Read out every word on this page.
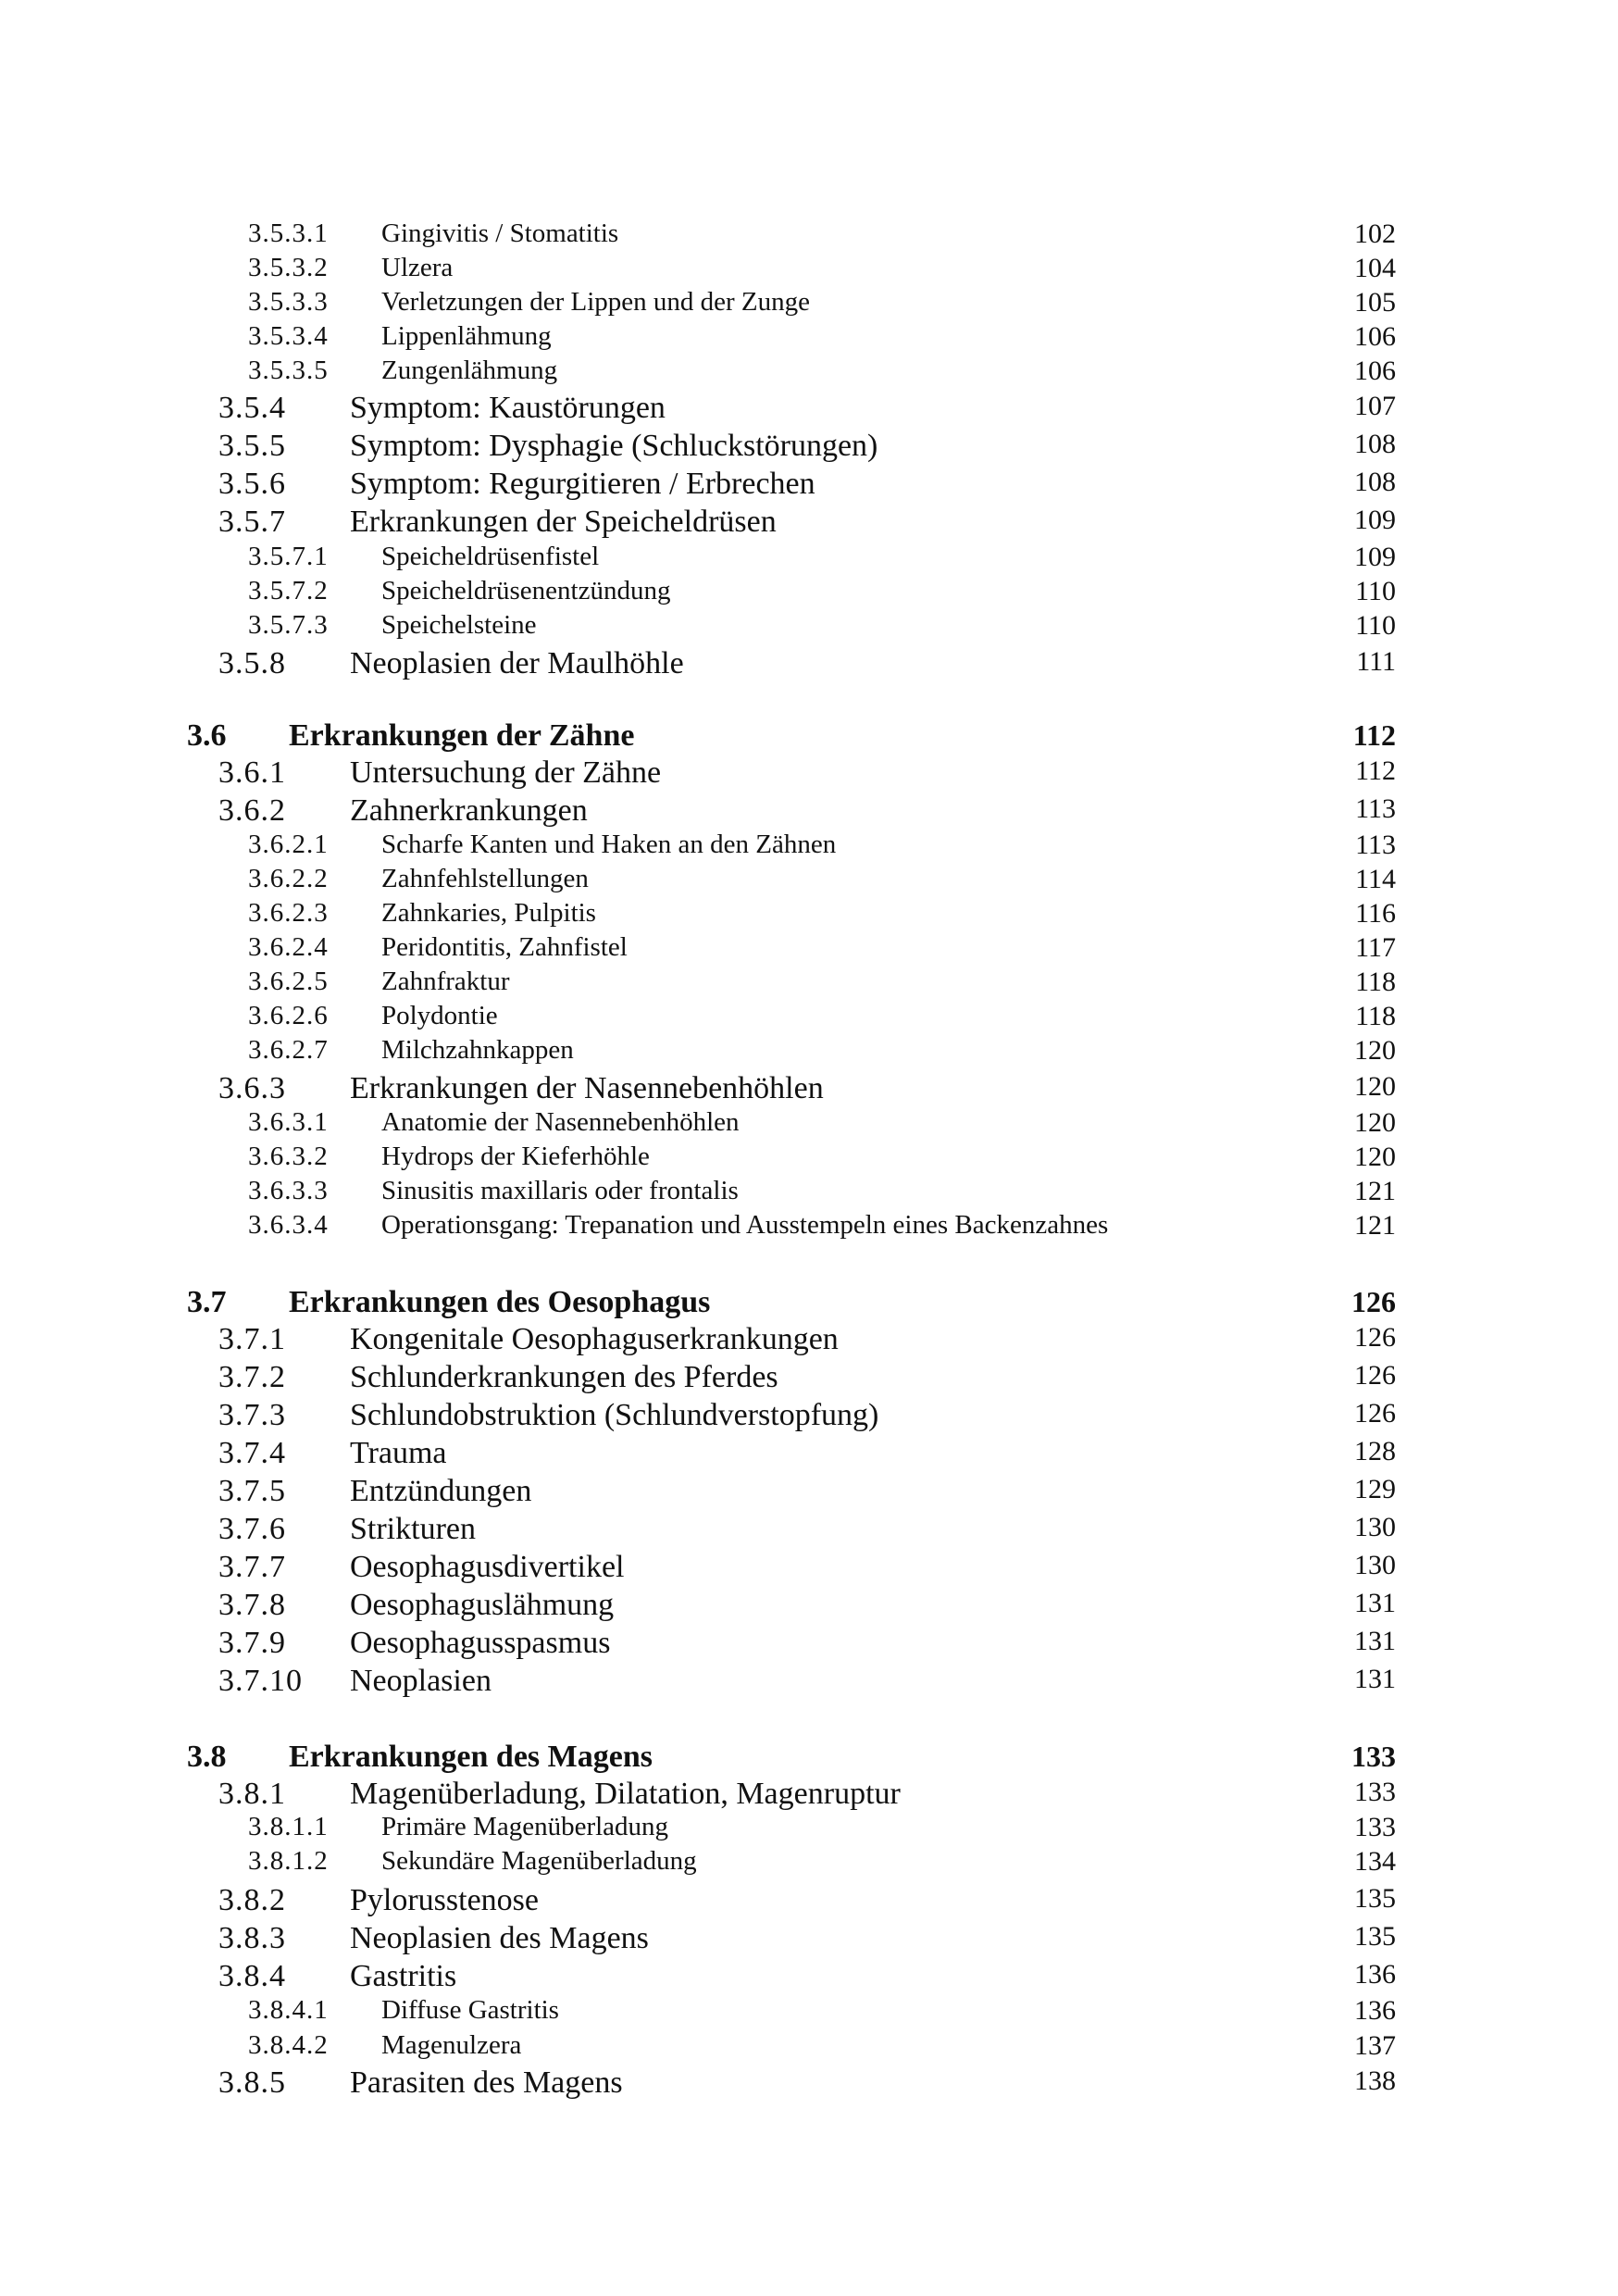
3.5.3.1 Gingivitis / Stomatitis	102
3.5.3.2 Ulzera	104
3.5.3.3 Verletzungen der Lippen und der Zunge	105
3.5.3.4 Lippenlähmung	106
3.5.3.5 Zungenlähmung	106
3.5.4 Symptom: Kaustörungen	107
3.5.5 Symptom: Dysphagie (Schluckstörungen)	108
3.5.6 Symptom: Regurgitieren / Erbrechen	108
3.5.7 Erkrankungen der Speicheldrüsen	109
3.5.7.1 Speicheldrüsenfistel	109
3.5.7.2 Speicheldrüsenentzündung	110
3.5.7.3 Speichelsteine	110
3.5.8 Neoplasien der Maulhöhle	111
3.6 Erkrankungen der Zähne	112
3.6.1 Untersuchung der Zähne	112
3.6.2 Zahnerkrankungen	113
3.6.2.1 Scharfe Kanten und Haken an den Zähnen	113
3.6.2.2 Zahnfehlstellungen	114
3.6.2.3 Zahnkaries, Pulpitis	116
3.6.2.4 Peridontitis, Zahnfistel	117
3.6.2.5 Zahnfraktur	118
3.6.2.6 Polydontie	118
3.6.2.7 Milchzahnkappen	120
3.6.3 Erkrankungen der Nasennebenhöhlen	120
3.6.3.1 Anatomie der Nasennebenhöhlen	120
3.6.3.2 Hydrops der Kieferhöhle	120
3.6.3.3 Sinusitis maxillaris oder frontalis	121
3.6.3.4 Operationsgang: Trepanation und Ausstempeln eines Backenzahnes	121
3.7 Erkrankungen des Oesophagus	126
3.7.1 Kongenitale Oesophaguserkrankungen	126
3.7.2 Schlunderkrankungen des Pferdes	126
3.7.3 Schlundobstruktion (Schlundverstopfung)	126
3.7.4 Trauma	128
3.7.5 Entzündungen	129
3.7.6 Strikturen	130
3.7.7 Oesophagusdivertikel	130
3.7.8 Oesophaguslähmung	131
3.7.9 Oesophagusspasmus	131
3.7.10 Neoplasien	131
3.8 Erkrankungen des Magens	133
3.8.1 Magenüberladung, Dilatation, Magenruptur	133
3.8.1.1 Primäre Magenüberladung	133
3.8.1.2 Sekundäre Magenüberladung	134
3.8.2 Pylorusstenose	135
3.8.3 Neoplasien des Magens	135
3.8.4 Gastritis	136
3.8.4.1 Diffuse Gastritis	136
3.8.4.2 Magenulzera	137
3.8.5 Parasiten des Magens	138
